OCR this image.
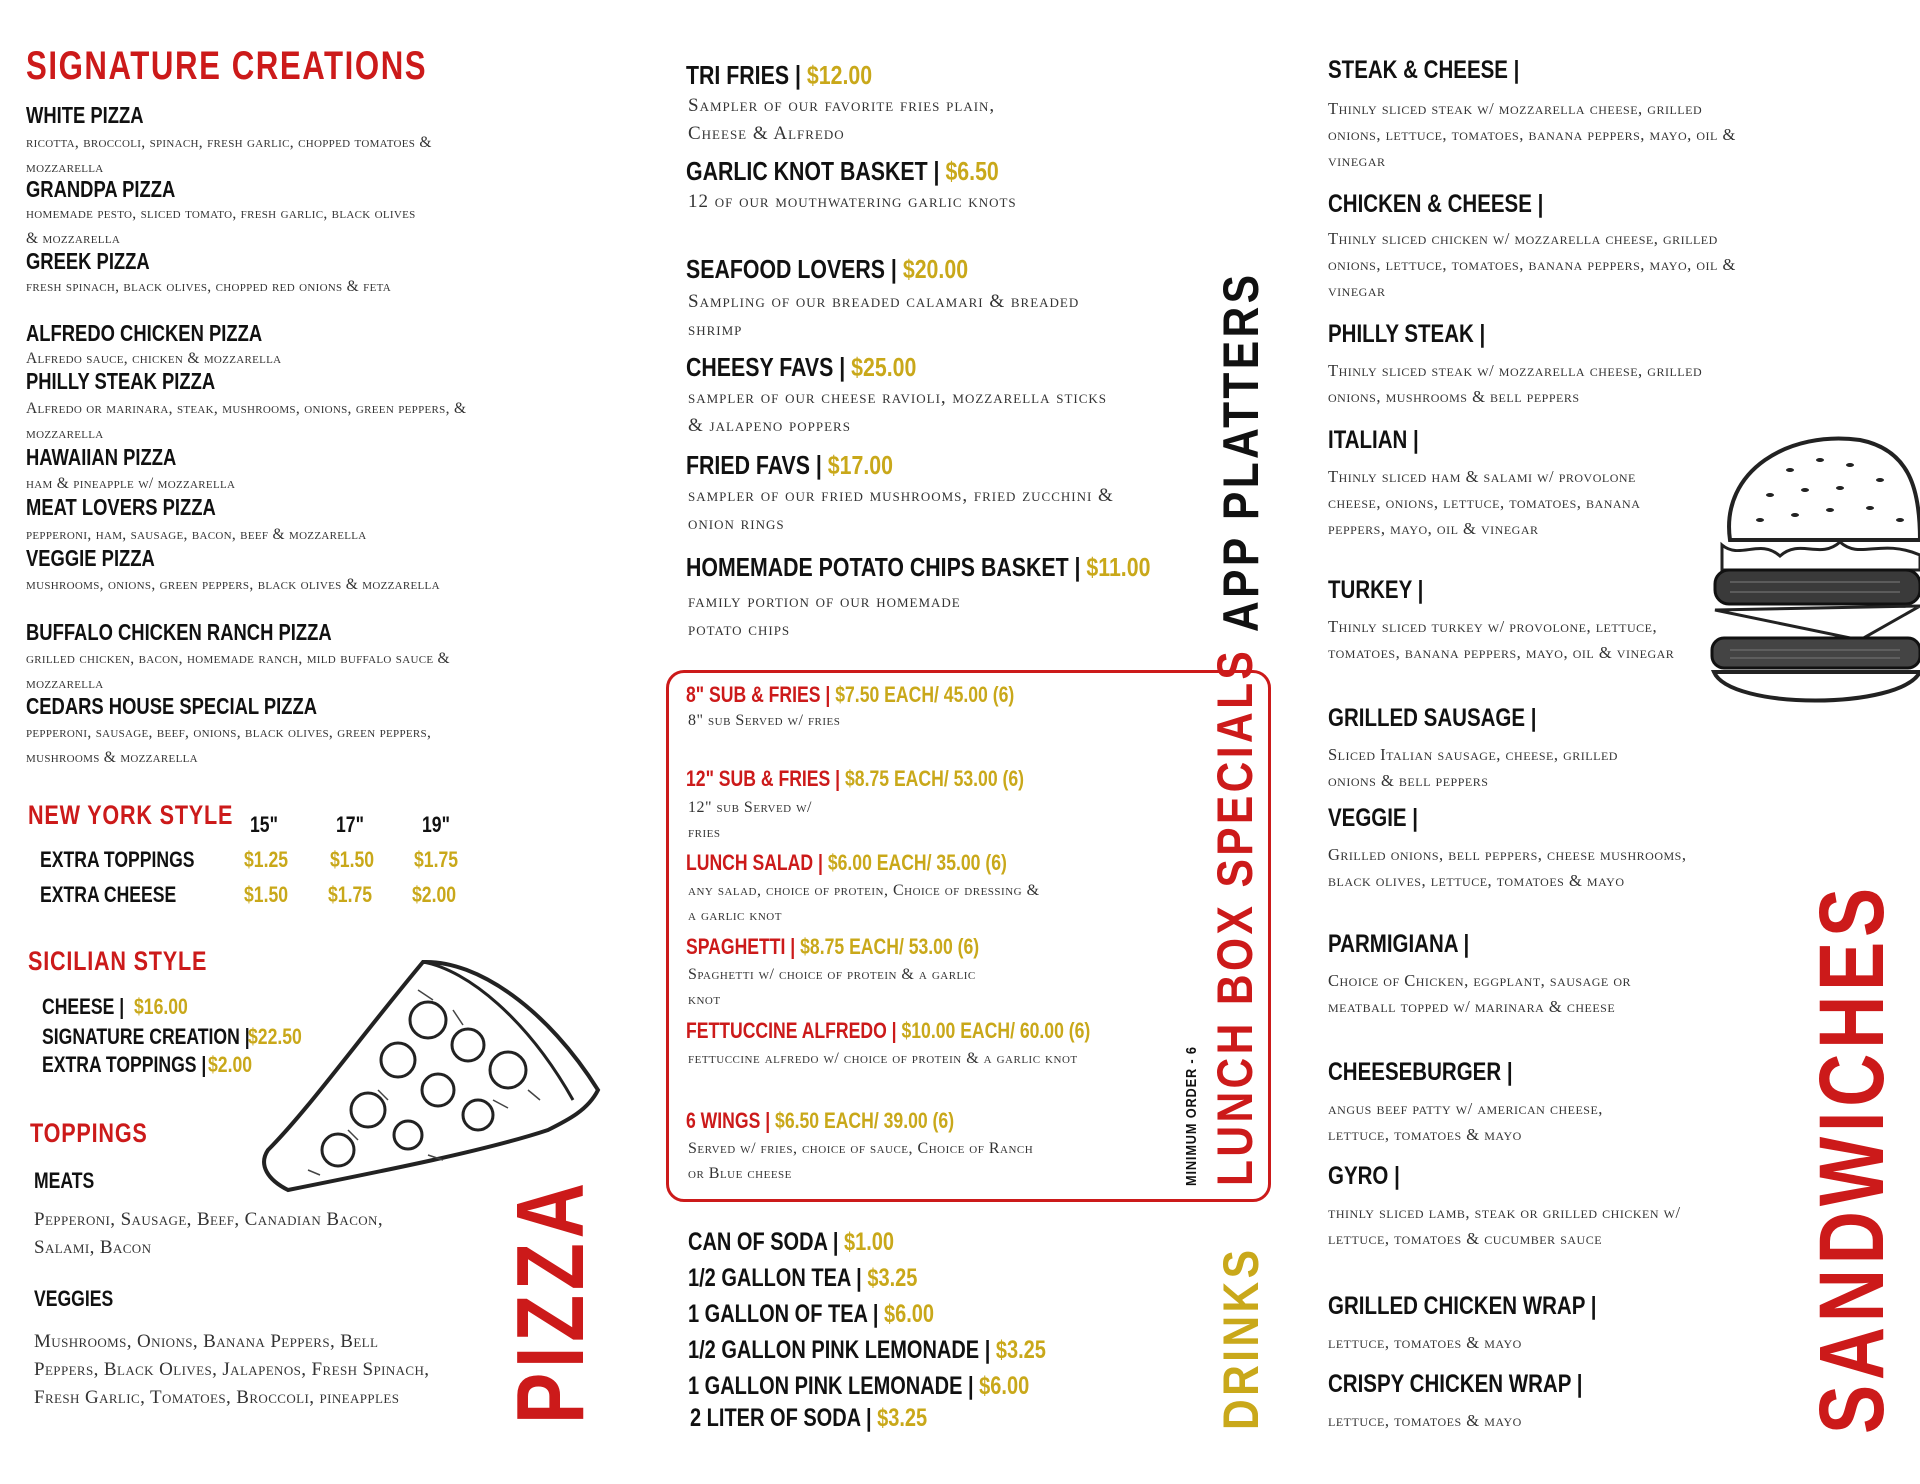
SIGNATURE CREATIONS
WHITE PIZZA
ricotta, broccoli, spinach, fresh garlic, chopped tomatoes & mozzarella
GRANDPA PIZZA
homemade pesto, sliced tomato, fresh garlic, black olives & mozzarella
GREEK PIZZA
fresh spinach, black olives, chopped red onions & feta
ALFREDO CHICKEN PIZZA
Alfredo sauce, chicken & mozzarella
PHILLY STEAK PIZZA
Alfredo or marinara, steak, mushrooms, onions, green peppers, & mozzarella
HAWAIIAN PIZZA
ham & pineapple w/ mozzarella
MEAT LOVERS PIZZA
pepperoni, ham, sausage, bacon, beef & mozzarella
VEGGIE PIZZA
mushrooms, onions, green peppers, black olives & mozzarella
BUFFALO CHICKEN RANCH PIZZA
grilled chicken, bacon, homemade ranch, mild buffalo sauce & mozzarella
CEDARS HOUSE SPECIAL PIZZA
pepperoni, sausage, beef, onions, black olives, green peppers, mushrooms & mozzarella
NEW YORK STYLE 15"	17"	19"
EXTRA TOPPINGS $1.25 $1.50 $1.75
EXTRA CHEESE	$1.50 $1.75 $2.00
SICILIAN STYLE
CHEESE | $16.00
SIGNATURE CREATION |
$22.50
EXTRA TOPPINGS | $2.00
TOPPINGS
MEATS
Pepperoni, Sausage, Beef, Canadian Bacon, Salami, Bacon
VEGGIES
Mushrooms, Onions, Banana Peppers, Bell Peppers, Black Olives, Jalapenos, Fresh Spinach, Fresh Garlic, Tomatoes, Broccoli, pineapples	PIZZA
TRI FRIES | $12.00
Sampler of our favorite fries plain, Cheese & Alfredo
GARLIC KNOT BASKET | $6.50
12 of our mouthwatering garlic knots
SEAFOOD LOVERS | $20.00
Sampling of our breaded calamari & breaded shrimp
CHEESY FAVS | $25.00
sampler of our cheese ravioli, mozzarella sticks & jalapeno poppers
FRIED FAVS | $17.00
sampler of our fried mushrooms, fried zucchini & onion rings
HOMEMADE POTATO CHIPS BASKET | $11.00
family portion of our homemade potato chips	APP PLATTERS
8" SUB & FRIES | $7.50 EACH/ 45.00 (6)
8" sub Served w/ fries
12" SUB & FRIES | $8.75 EACH/ 53.00 (6)
12" sub Served w/ fries
LUNCH SALAD | $6.00 EACH/ 35.00 (6)
any salad, choice of protein, Choice of dressing & a garlic knot
SPAGHETTI | $8.75 EACH/ 53.00 (6)
Spaghetti w/ choice of protein & a garlic knot
FETTUCCINE ALFREDO | $10.00 EACH/ 60.00 (6)
fettuccine alfredo w/ choice of protein & a garlic knot
6 WINGS | $6.50 EACH/ 39.00 (6)
Served w/ fries, choice of sauce, Choice of Ranch or Blue cheese	LUNCH BOX SPECIALS
MINIMUM ORDER - 6
CAN OF SODA | $1.00
1/2 GALLON TEA | $3.25
1 GALLON OF TEA | $6.00
1/2 GALLON PINK LEMONADE | $3.25
1 GALLON PINK LEMONADE | $6.00
2 LITER OF SODA | $3.25	DRINKS
STEAK & CHEESE |
Thinly sliced steak w/ mozzarella cheese, grilled onions, lettuce, tomatoes, banana peppers, mayo, oil & vinegar
CHICKEN & CHEESE |
Thinly sliced chicken w/ mozzarella cheese, grilled onions, lettuce, tomatoes, banana peppers, mayo, oil & vinegar
PHILLY STEAK |
Thinly sliced steak w/ mozzarella cheese, grilled onions, mushrooms & bell peppers
ITALIAN |
Thinly sliced ham & salami w/ provolone cheese, onions, lettuce, tomatoes, banana peppers, mayo, oil & vinegar
TURKEY |
Thinly sliced turkey w/ provolone, lettuce, tomatoes, banana peppers, mayo, oil & vinegar
GRILLED SAUSAGE |
Sliced Italian sausage, cheese, grilled onions & bell peppers
VEGGIE |
Grilled onions, bell peppers, cheese mushrooms, black olives, lettuce, tomatoes & mayo
PARMIGIANA |
Choice of Chicken, eggplant, sausage or meatball topped w/ marinara & cheese
CHEESEBURGER |
angus beef patty w/ american cheese, lettuce, tomatoes & mayo
GYRO |
thinly sliced lamb, steak or grilled chicken w/ lettuce, tomatoes & cucumber sauce
GRILLED CHICKEN WRAP |
lettuce, tomatoes & mayo
CRISPY CHICKEN WRAP |
lettuce, tomatoes & mayo	SANDWICHES
